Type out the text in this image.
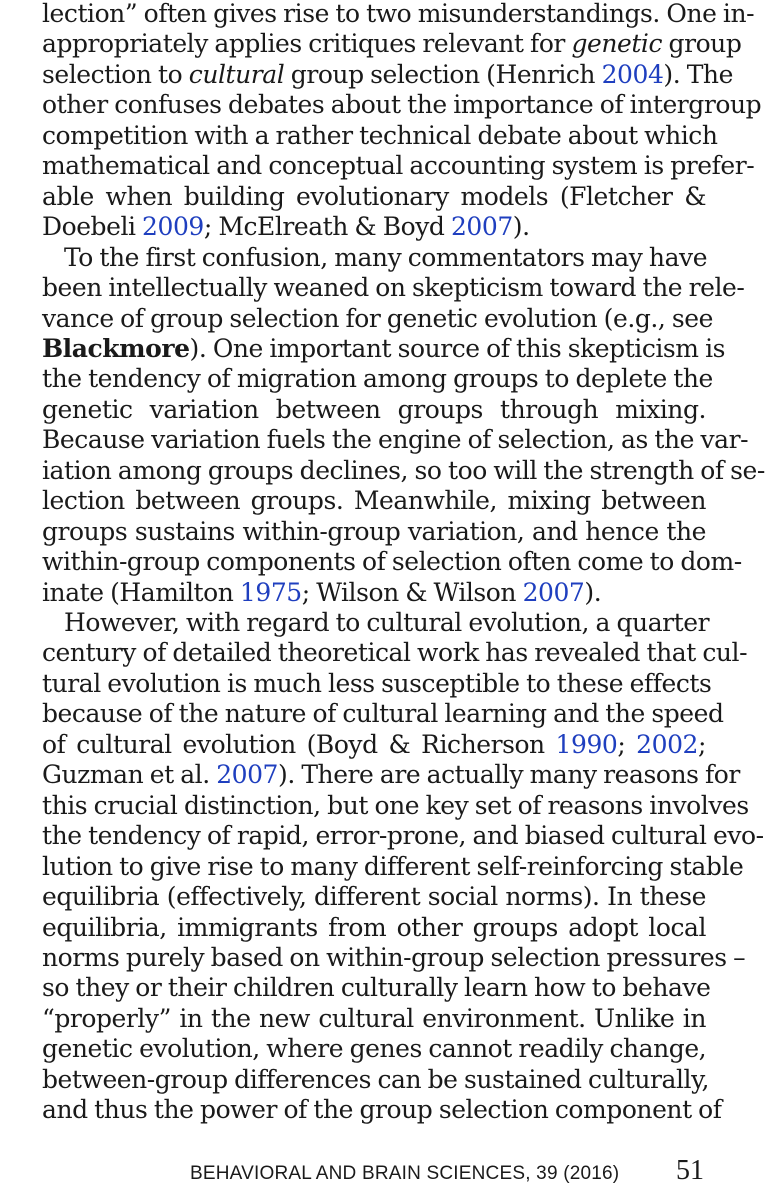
lection” often gives rise to two misunderstandings. One in-
appropriately applies critiques relevant for genetic group
selection to cultural group selection (Henrich 2004). The
other confuses debates about the importance of intergroup
competition with a rather technical debate about which
mathematical and conceptual accounting system is prefer-
able when building evolutionary models (Fletcher &
Doebeli 2009; McElreath & Boyd 2007).
To the first confusion, many commentators may have
been intellectually weaned on skepticism toward the rele-
vance of group selection for genetic evolution (e.g., see
Blackmore). One important source of this skepticism is
the tendency of migration among groups to deplete the
genetic variation between groups through mixing.
Because variation fuels the engine of selection, as the var-
iation among groups declines, so too will the strength of se-
lection between groups. Meanwhile, mixing between
groups sustains within-group variation, and hence the
within-group components of selection often come to dom-
inate (Hamilton 1975; Wilson & Wilson 2007).
However, with regard to cultural evolution, a quarter
century of detailed theoretical work has revealed that cul-
tural evolution is much less susceptible to these effects
because of the nature of cultural learning and the speed
of cultural evolution (Boyd & Richerson 1990; 2002;
Guzman et al. 2007). There are actually many reasons for
this crucial distinction, but one key set of reasons involves
the tendency of rapid, error-prone, and biased cultural evo-
lution to give rise to many different self-reinforcing stable
equilibria (effectively, different social norms). In these
equilibria, immigrants from other groups adopt local
norms purely based on within-group selection pressures –
so they or their children culturally learn how to behave
“properly” in the new cultural environment. Unlike in
genetic evolution, where genes cannot readily change,
between-group differences can be sustained culturally,
and thus the power of the group selection component of
BEHAVIORAL AND BRAIN SCIENCES, 39 (2016) 51
